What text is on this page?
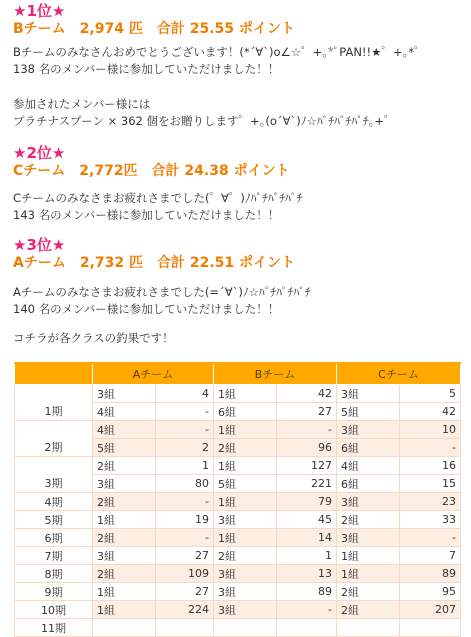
★1位★

Bチーム　2,974 匹　合計 25.55 ポイント

Bチームのみなさんおめでとうございます！(*´∀`)o∠☆゜+｡*ﾟPAN!!★゜+｡*゜

138 名のメンバー様に参加していただけました！！

参加されたメンバー様には

プラチナスプーン × 362 個をお贈りします゜+｡(o´∀`)ﾉ☆ﾊﾟﾁﾊﾟﾁﾊﾟﾁ｡+゜

★2位★

Cチーム　2,772匹　合計 24.38 ポイント

Cチームのみなさまお疲れさまでした(゜∀゜)ﾉﾊﾟﾁﾊﾟﾁﾊﾟﾁ

143 名のメンバー様に参加していただけました！！

★3位★

Aチーム　2,732 匹　合計 22.51 ポイント

Aチームのみなさまお疲れさまでした(=´∀`)ﾉ☆ﾊﾟﾁﾊﾟﾁﾊﾟﾁ

140 名のメンバー様に参加していただけました！！

コチラが各クラスの釣果です！

	Aチーム		Bチーム		Cチーム	
	3組	4	1組	42	3組	5
1期	4組	-	6組	27	5組	42
	4組	-	1組	-	3組	10
2期	5組	2	2組	96	6組	-
	2組	1	1組	127	4組	16
3期	3組	80	5組	221	6組	15
4期	2組	-	1組	79	3組	23
5期	1組	19	3組	45	2組	33
6期	2組	-	1組	14	3組	-
7期	3組	27	2組	1	1組	7
8期	2組	109	3組	13	1組	89
9期	1組	27	3組	89	2組	95
10期	1組	224	3組	-	2組	207
11期						
